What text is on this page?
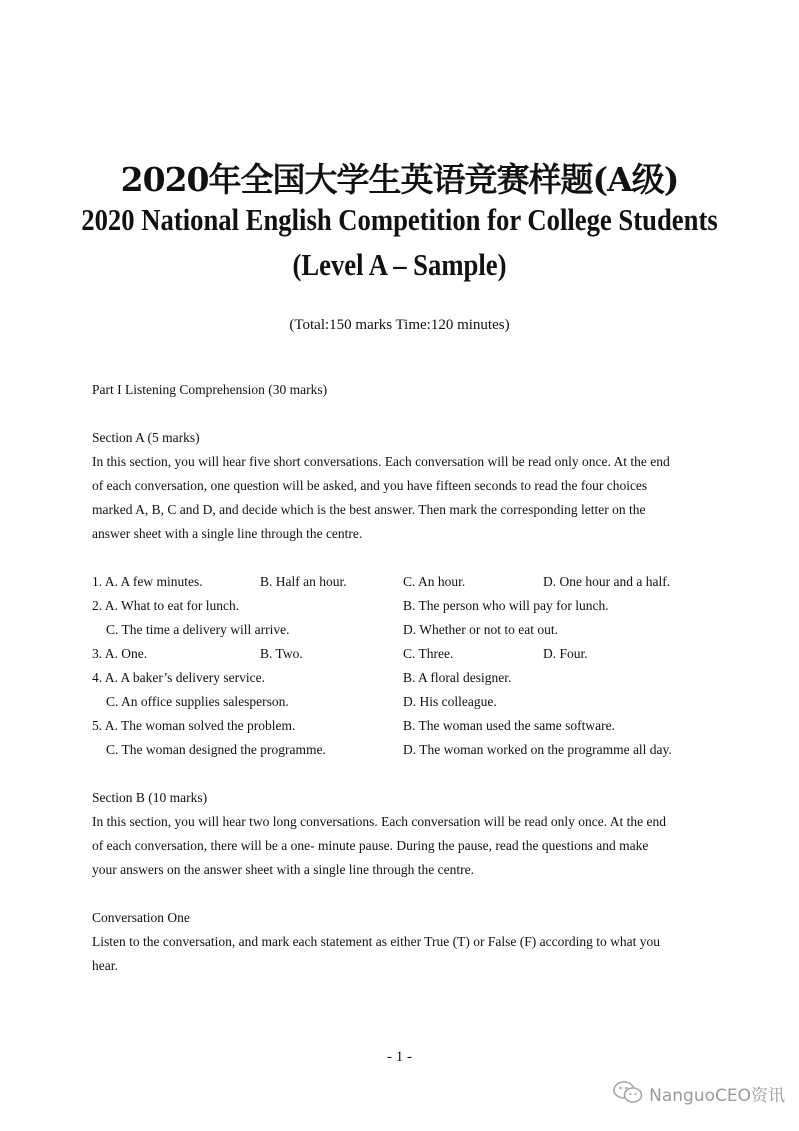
2020年全国大学生英语竞赛样题(A级)
2020 National English Competition for College Students
(Level A – Sample)
(Total:150 marks Time:120 minutes)
Part I Listening Comprehension (30 marks)
Section A (5 marks)
In this section, you will hear five short conversations. Each conversation will be read only once. At the end
of each conversation, one question will be asked, and you have fifteen seconds to read the four choices
marked A, B, C and D, and decide which is the best answer. Then mark the corresponding letter on the
answer sheet with a single line through the centre.
1. A. A few minutes.	B. Half an hour.	C. An hour.	D. One hour and a half.
2. A. What to eat for lunch.	B. The person who will pay for lunch.
C. The time a delivery will arrive.	D. Whether or not to eat out.
3. A. One.	B. Two.	C. Three.	D. Four.
4. A. A baker’s delivery service.	B. A floral designer.
C. An office supplies salesperson.	D. His colleague.
5. A. The woman solved the problem.	B. The woman used the same software.
C. The woman designed the programme.	D. The woman worked on the programme all day.
Section B (10 marks)
In this section, you will hear two long conversations. Each conversation will be read only once. At the end
of each conversation, there will be a one- minute pause. During the pause, read the questions and make
your answers on the answer sheet with a single line through the centre.
Conversation One
Listen to the conversation, and mark each statement as either True (T) or False (F) according to what you
hear.
- 1 -
NanguoCEO资讯
